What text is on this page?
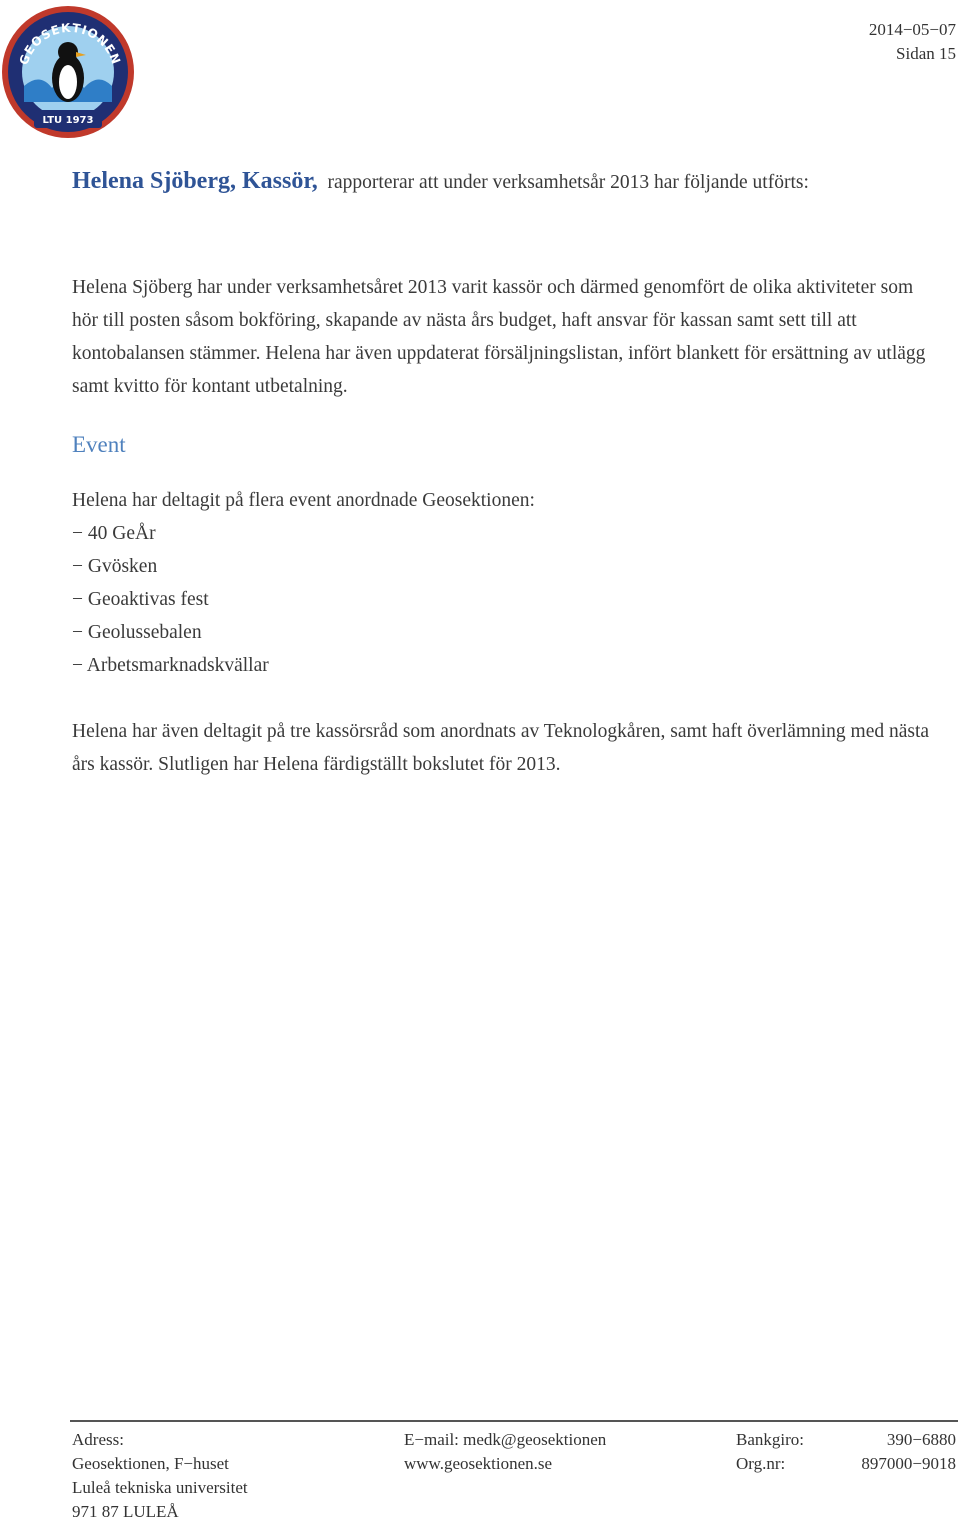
GEOSEKTIONEN
LTU 1973
2014−05−07
Sidan 15
Helena Sjöberg, Kassör, rapporterar att under verksamhetsår 2013 har följande utförts:
Helena Sjöberg har under verksamhetsåret 2013 varit kassör och därmed genomfört de olika aktiviteter som hör till posten såsom bokföring, skapande av nästa års budget, haft ansvar för kassan samt sett till att kontobalansen stämmer. Helena har även uppdaterat försäljningslistan, infört blankett för ersättning av utlägg samt kvitto för kontant utbetalning.
Event
Helena har deltagit på flera event anordnade Geosektionen:
− 40 GeÅr
− Gvösken
− Geoaktivas fest
− Geolussebalen
− Arbetsmarknadskvällar
Helena har även deltagit på tre kassörsråd som anordnats av Teknologkåren, samt haft överlämning med nästa års kassör. Slutligen har Helena färdigställt bokslutet för 2013.
Adress:
Geosektionen, F−huset
Luleå tekniska universitet
971 87 LULEÅ
E−mail: medk@geosektionen
www.geosektionen.se
Bankgiro:
Org.nr:
390−6880
897000−9018
